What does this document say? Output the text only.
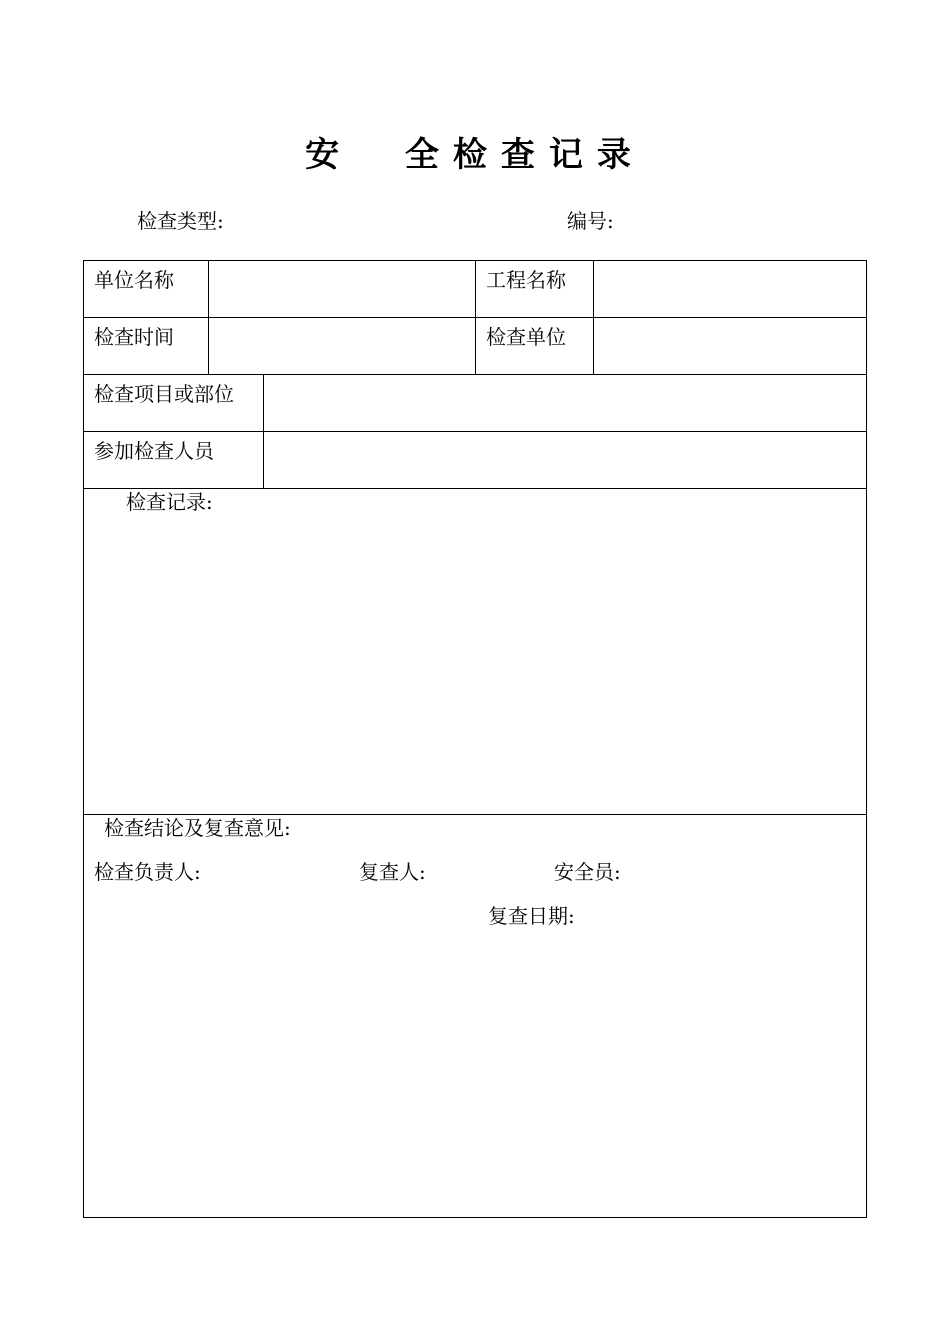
安  全检查记录
检查类型:	编号:
单位名称	工程名称
检查时间	检查单位
检查项目或部位
参加检查人员
检查记录:
检查结论及复查意见:
检查负责人:	复查人:	安全员:
复查日期:
